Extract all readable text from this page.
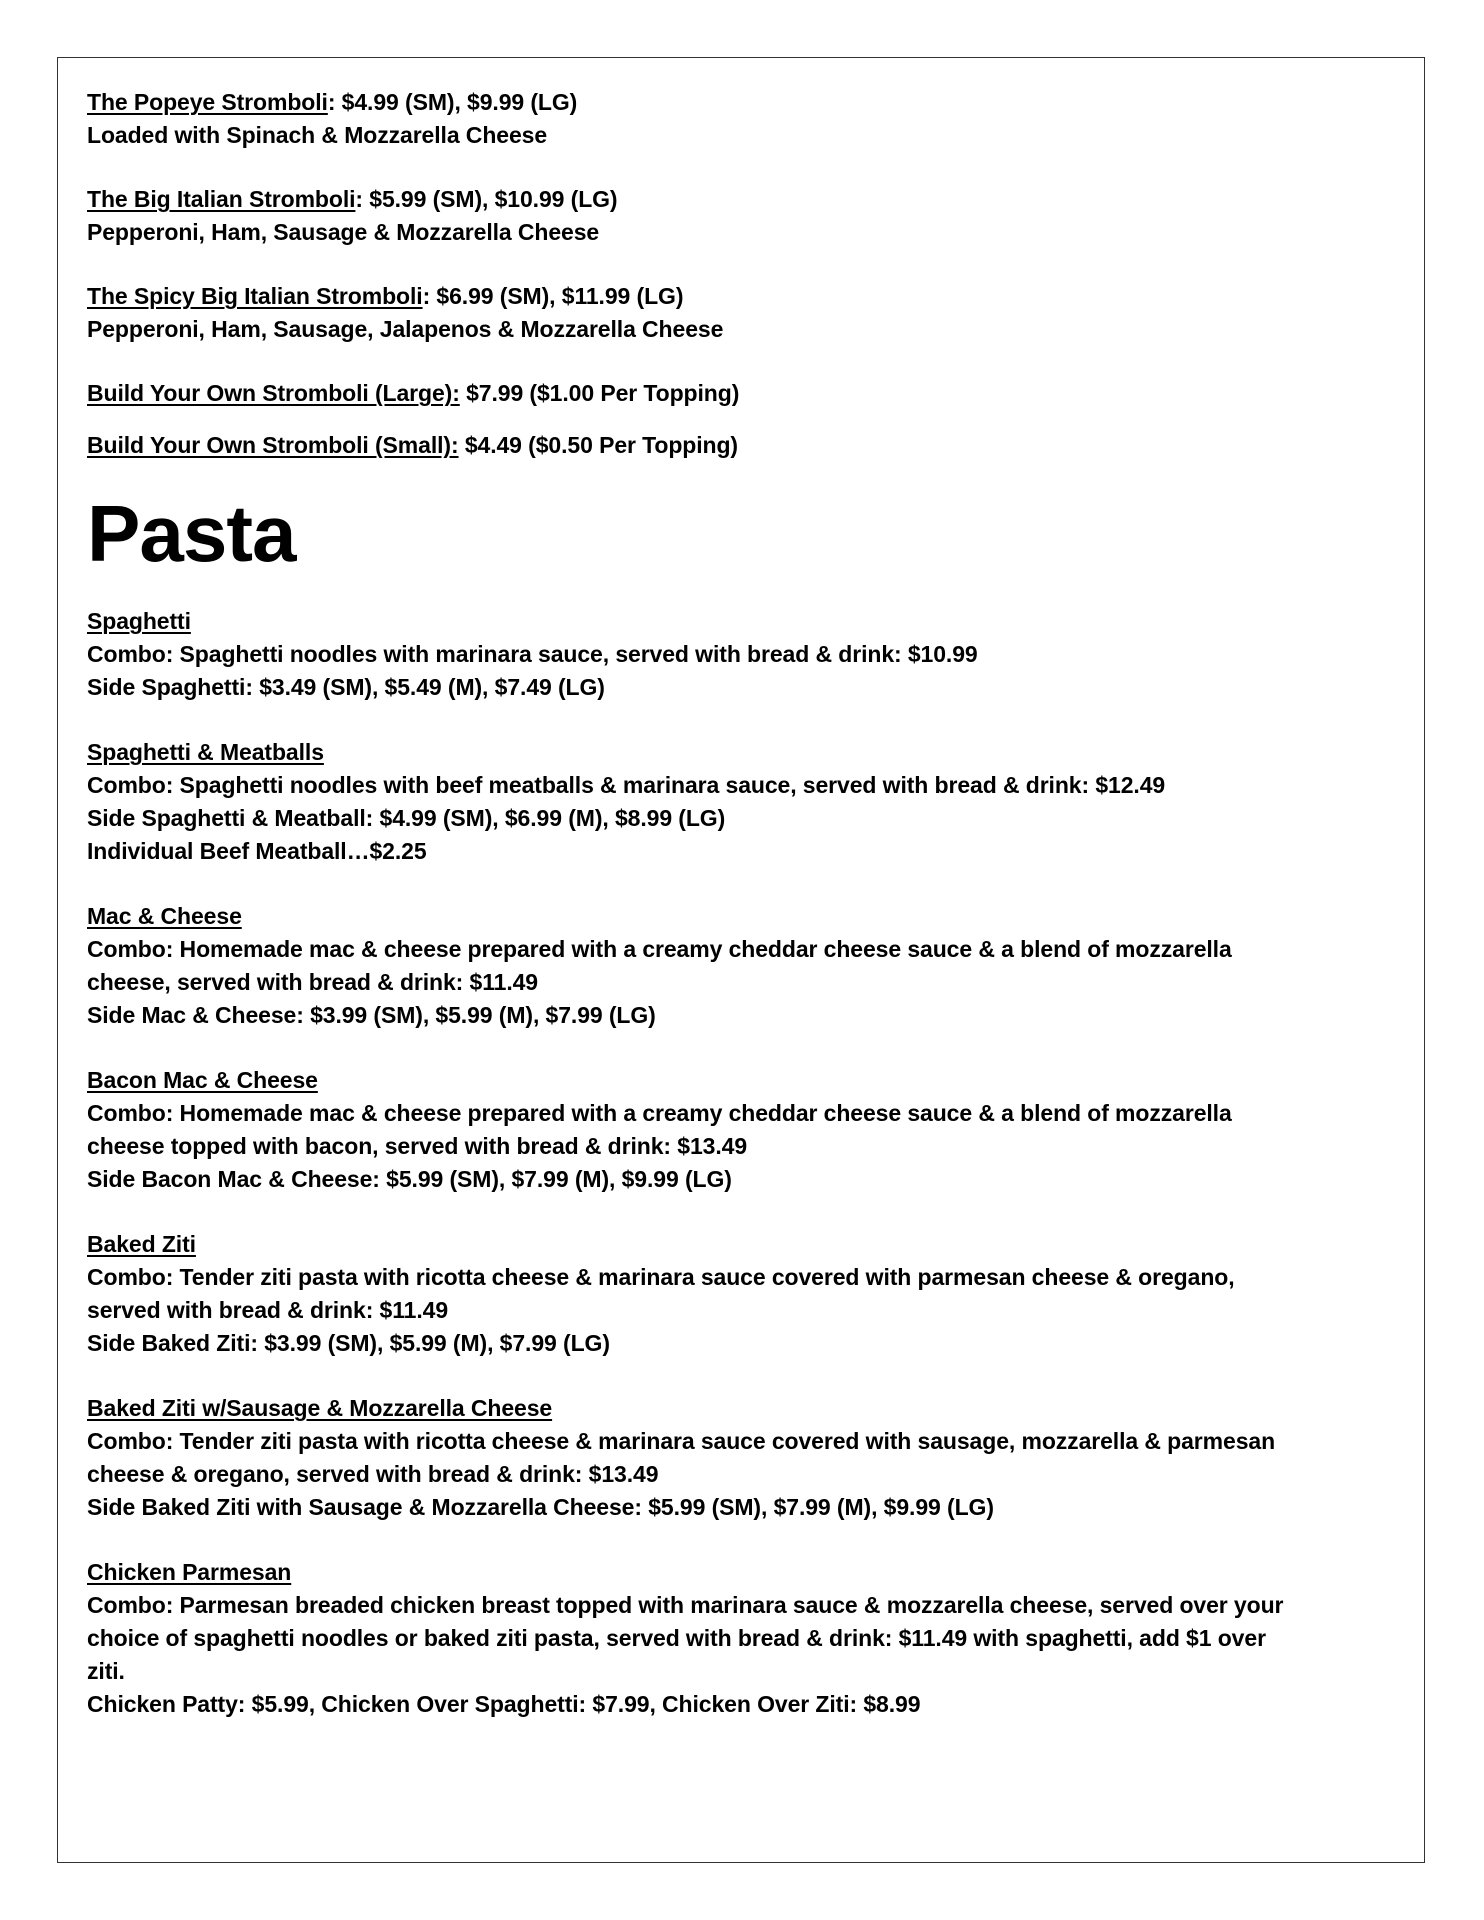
The Popeye Stromboli: $4.99 (SM), $9.99 (LG)
Loaded with Spinach & Mozzarella Cheese
The Big Italian Stromboli: $5.99 (SM), $10.99 (LG)
Pepperoni, Ham, Sausage & Mozzarella Cheese
The Spicy Big Italian Stromboli: $6.99 (SM), $11.99 (LG)
Pepperoni, Ham, Sausage, Jalapenos & Mozzarella Cheese
Build Your Own Stromboli (Large): $7.99 ($1.00 Per Topping)
Build Your Own Stromboli (Small): $4.49 ($0.50 Per Topping)
Pasta
Spaghetti
Combo: Spaghetti noodles with marinara sauce, served with bread & drink: $10.99
Side Spaghetti: $3.49 (SM), $5.49 (M), $7.49 (LG)
Spaghetti & Meatballs
Combo: Spaghetti noodles with beef meatballs & marinara sauce, served with bread & drink: $12.49
Side Spaghetti & Meatball: $4.99 (SM), $6.99 (M), $8.99 (LG)
Individual Beef Meatball…$2.25
Mac & Cheese
Combo: Homemade mac & cheese prepared with a creamy cheddar cheese sauce & a blend of mozzarella
cheese, served with bread & drink: $11.49
Side Mac & Cheese: $3.99 (SM), $5.99 (M), $7.99 (LG)
Bacon Mac & Cheese
Combo: Homemade mac & cheese prepared with a creamy cheddar cheese sauce & a blend of mozzarella
cheese topped with bacon, served with bread & drink: $13.49
Side Bacon Mac & Cheese: $5.99 (SM), $7.99 (M), $9.99 (LG)
Baked Ziti
Combo: Tender ziti pasta with ricotta cheese & marinara sauce covered with parmesan cheese & oregano,
served with bread & drink: $11.49
Side Baked Ziti: $3.99 (SM), $5.99 (M), $7.99 (LG)
Baked Ziti w/Sausage & Mozzarella Cheese
Combo: Tender ziti pasta with ricotta cheese & marinara sauce covered with sausage, mozzarella & parmesan
cheese & oregano, served with bread & drink: $13.49
Side Baked Ziti with Sausage & Mozzarella Cheese: $5.99 (SM), $7.99 (M), $9.99 (LG)
Chicken Parmesan
Combo: Parmesan breaded chicken breast topped with marinara sauce & mozzarella cheese, served over your
choice of spaghetti noodles or baked ziti pasta, served with bread & drink: $11.49 with spaghetti, add $1 over
ziti.
Chicken Patty: $5.99, Chicken Over Spaghetti: $7.99, Chicken Over Ziti: $8.99
